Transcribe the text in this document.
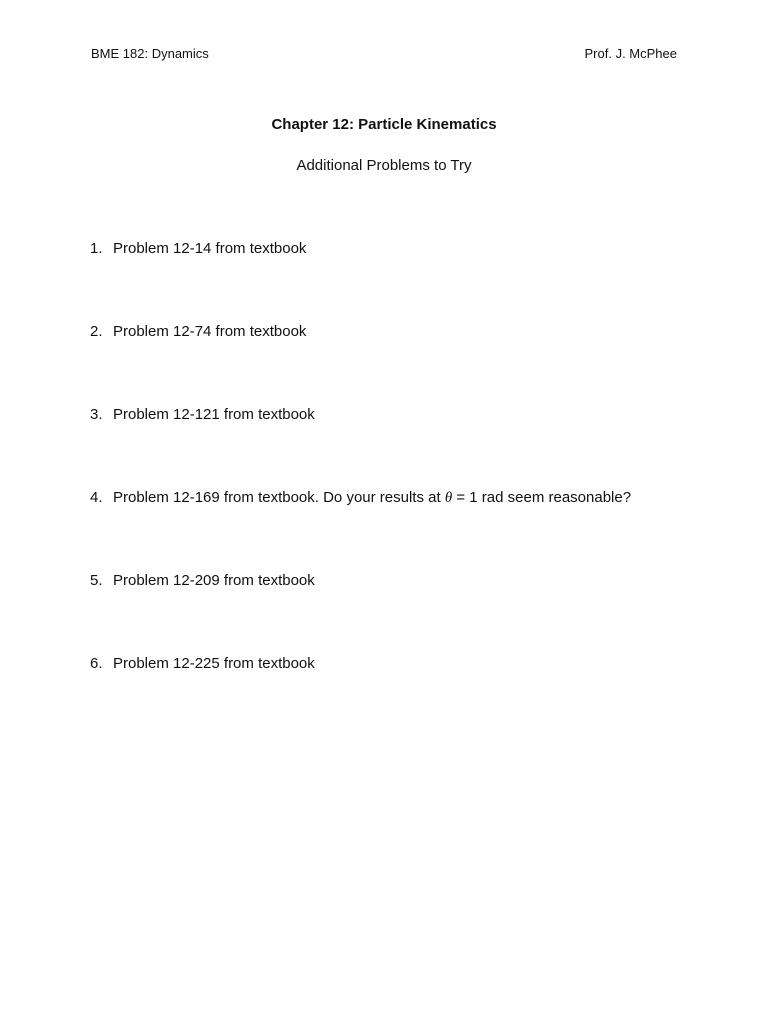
BME 182: Dynamics	Prof. J. McPhee
Chapter 12: Particle Kinematics
Additional Problems to Try
1. Problem 12-14 from textbook
2. Problem 12-74 from textbook
3. Problem 12-121 from textbook
4. Problem 12-169 from textbook. Do your results at θ = 1 rad seem reasonable?
5. Problem 12-209 from textbook
6. Problem 12-225 from textbook
